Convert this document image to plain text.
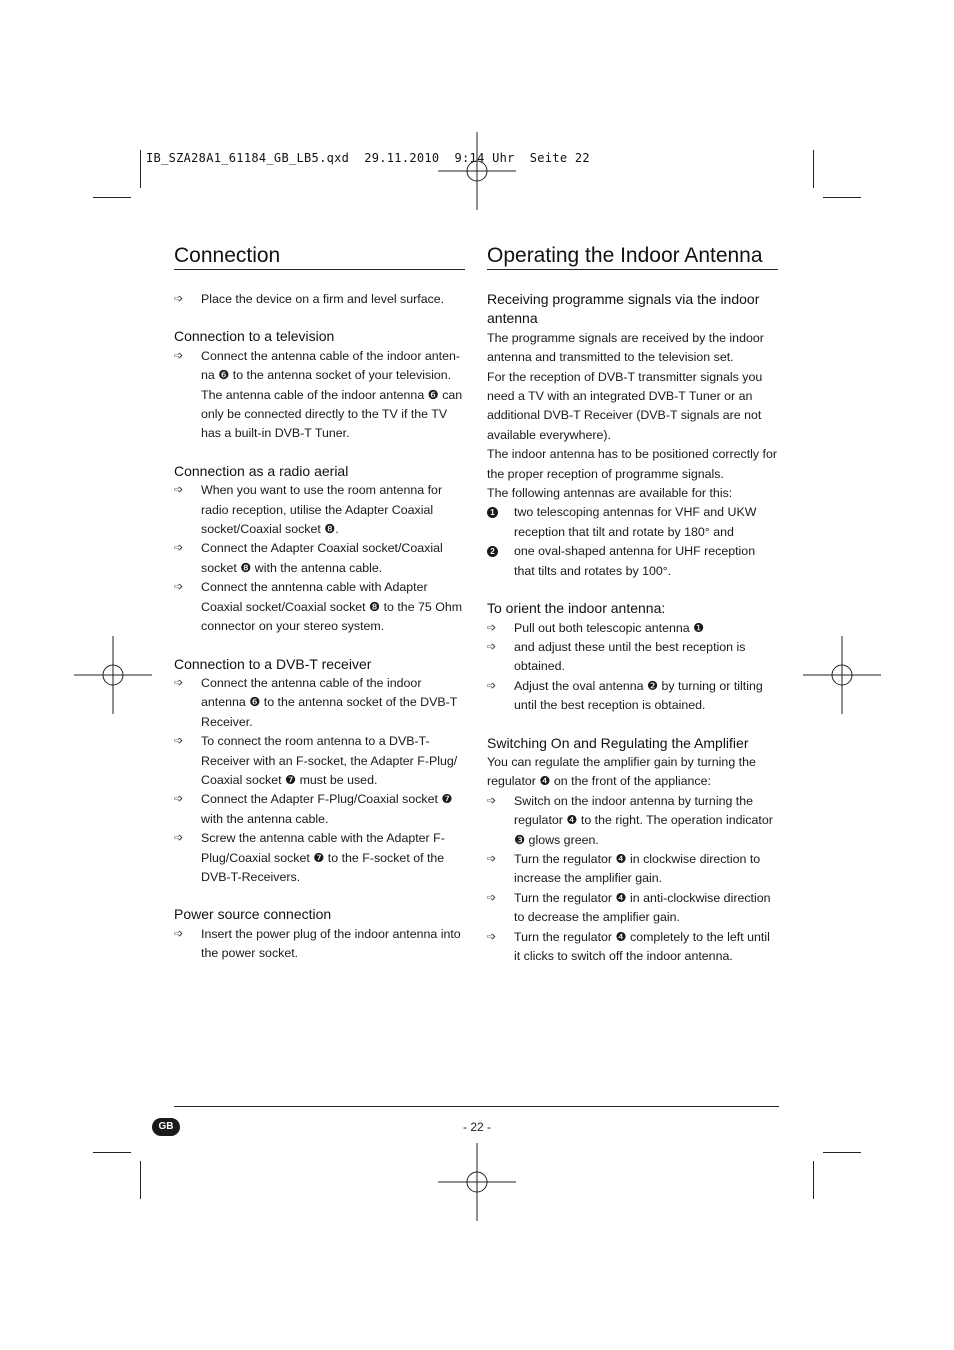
IB_SZA28A1_61184_GB_LB5.qxd  29.11.2010  9:14 Uhr  Seite 22
Connection
➩	Place the device on a firm and level surface.
Connection to a television
➩	Connect the antenna cable of the indoor antenna ❻ to the antenna socket of your television. The antenna cable of the indoor antenna ❻ can only be connected directly to the TV if the TV has a built-in DVB-T Tuner.
Connection as a radio aerial
➩	When you want to use the room antenna for radio reception, utilise the Adapter Coaxial socket/Coaxial socket ❽.
➩	Connect the Adapter Coaxial socket/Coaxial socket ❽ with the antenna cable.
➩	Connect the anntenna cable with Adapter Coaxial socket/Coaxial socket ❽ to the 75 Ohm connector on your stereo system.
Connection to a DVB-T receiver
➩	Connect the antenna cable of the indoor antenna ❻ to the antenna socket of the DVB-T Receiver.
➩	To connect the room antenna to a DVB-T-Receiver with an F-socket, the Adapter F-Plug/ Coaxial socket ❼ must be used.
➩	Connect the Adapter F-Plug/Coaxial socket ❼ with the antenna cable.
➩	Screw the antenna cable with the Adapter F-Plug/Coaxial socket ❼ to the F-socket of the DVB-T-Receivers.
Power source connection
➩	Insert the power plug of the indoor antenna into the power socket.
Operating the Indoor Antenna
Receiving programme signals via the indoor antenna
The programme signals are received by the indoor antenna and transmitted to the television set.
For the reception of DVB-T transmitter signals you need a TV with an integrated DVB-T Tuner or an additional DVB-T Receiver (DVB-T signals are not available everywhere).
The indoor antenna has to be positioned correctly for the proper reception of programme signals.
The following antennas are available for this:
1 two telescoping antennas for VHF and UKW reception that tilt and rotate by 180° and
2 one oval-shaped antenna for UHF reception that tilts and rotates by 100°.
To orient the indoor antenna:
➩	Pull out both telescopic antenna ❶
➩	and adjust these until the best reception is obtained.
➩	Adjust the oval antenna ❷ by turning or tilting until the best reception is obtained.
Switching On and Regulating the Amplifier
You can regulate the amplifier gain by turning the regulator ❹ on the front of the appliance:
➩	Switch on the indoor antenna by turning the regulator ❹ to the right. The operation indicator ❸ glows green.
➩	Turn the regulator ❹ in clockwise direction to increase the amplifier gain.
➩	Turn the regulator ❹ in anti-clockwise direction to decrease the amplifier gain.
➩	Turn the regulator ❹ completely to the left until it clicks to switch off the indoor antenna.
GB	- 22 -
